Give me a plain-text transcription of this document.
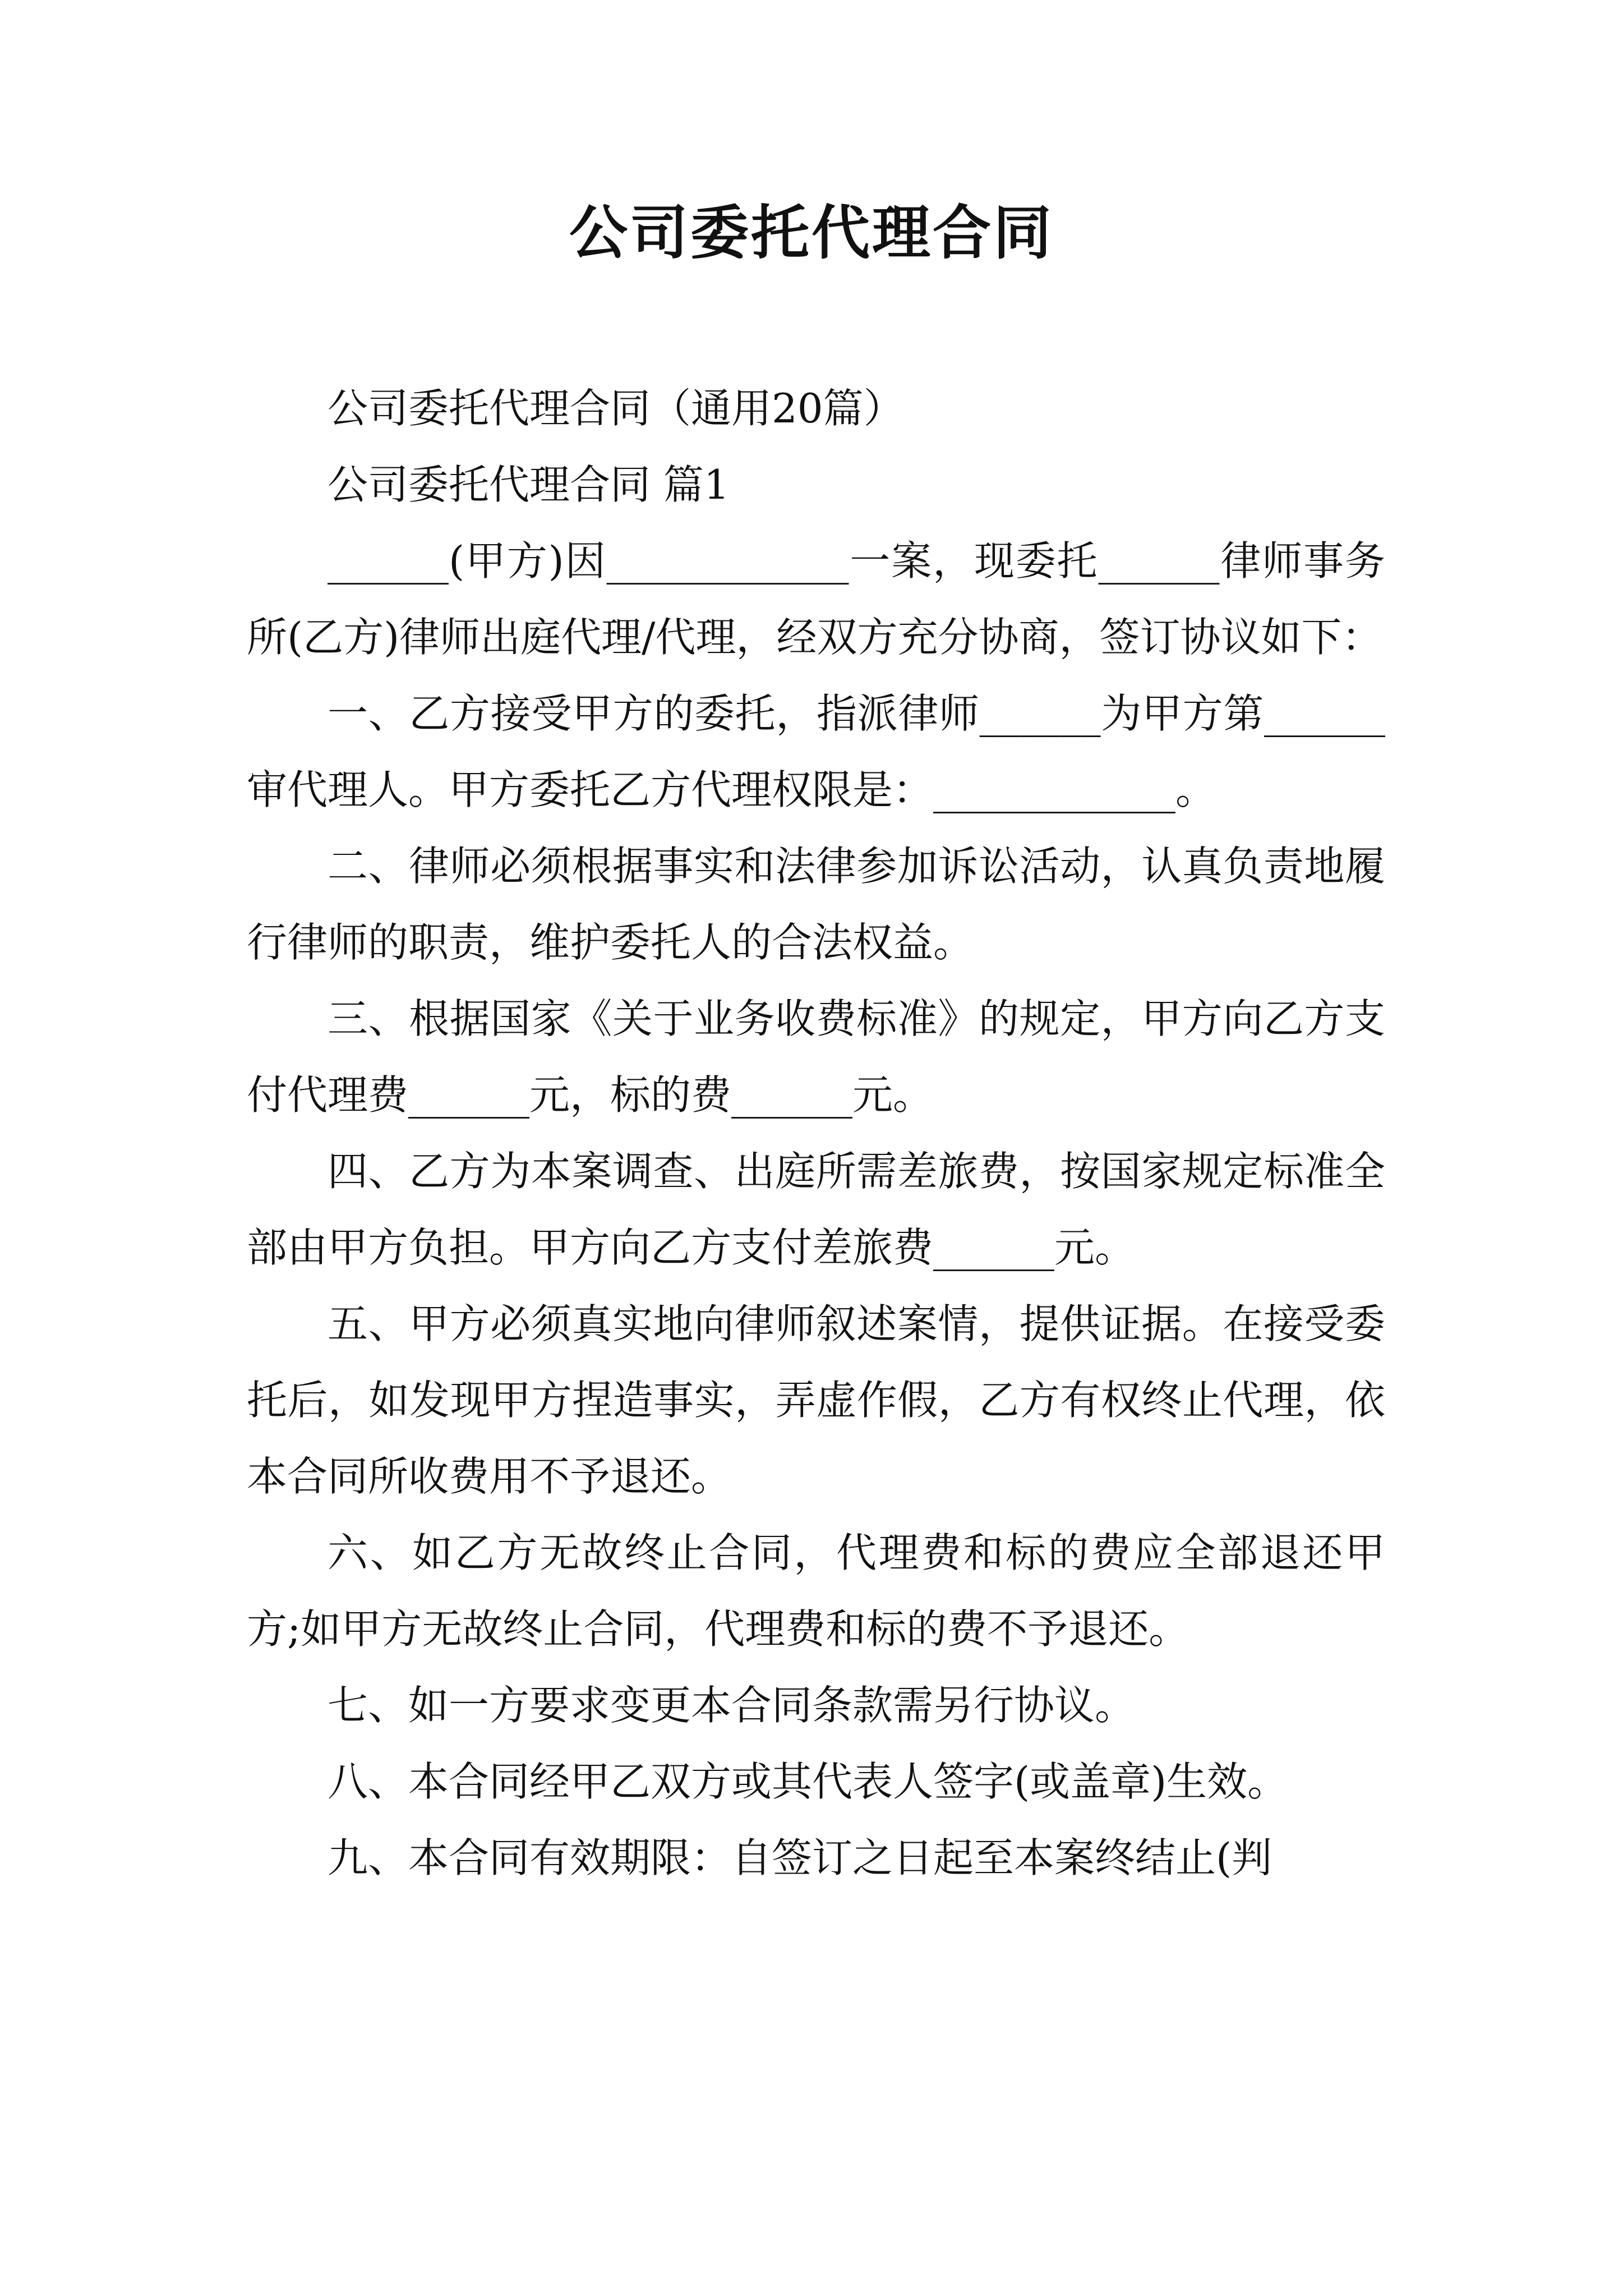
公司委托代理合同

公司委托代理合同（通用20篇）

公司委托代理合同 篇1

______(甲方)因____________一案，现委托______律师事务所(乙方)律师出庭代理/代理，经双方充分协商，签订协议如下：

一、乙方接受甲方的委托，指派律师______为甲方第______审代理人。甲方委托乙方代理权限是：____________。

二、律师必须根据事实和法律参加诉讼活动，认真负责地履行律师的职责，维护委托人的合法权益。

三、根据国家《关于业务收费标准》的规定，甲方向乙方支付代理费______元，标的费______元。

四、乙方为本案调查、出庭所需差旅费，按国家规定标准全部由甲方负担。甲方向乙方支付差旅费______元。

五、甲方必须真实地向律师叙述案情，提供证据。在接受委托后，如发现甲方捏造事实，弄虚作假，乙方有权终止代理，依本合同所收费用不予退还。

六、如乙方无故终止合同，代理费和标的费应全部退还甲方;如甲方无故终止合同，代理费和标的费不予退还。

七、如一方要求变更本合同条款需另行协议。

八、本合同经甲乙双方或其代表人签字(或盖章)生效。

九、本合同有效期限：自签订之日起至本案终结止(判
